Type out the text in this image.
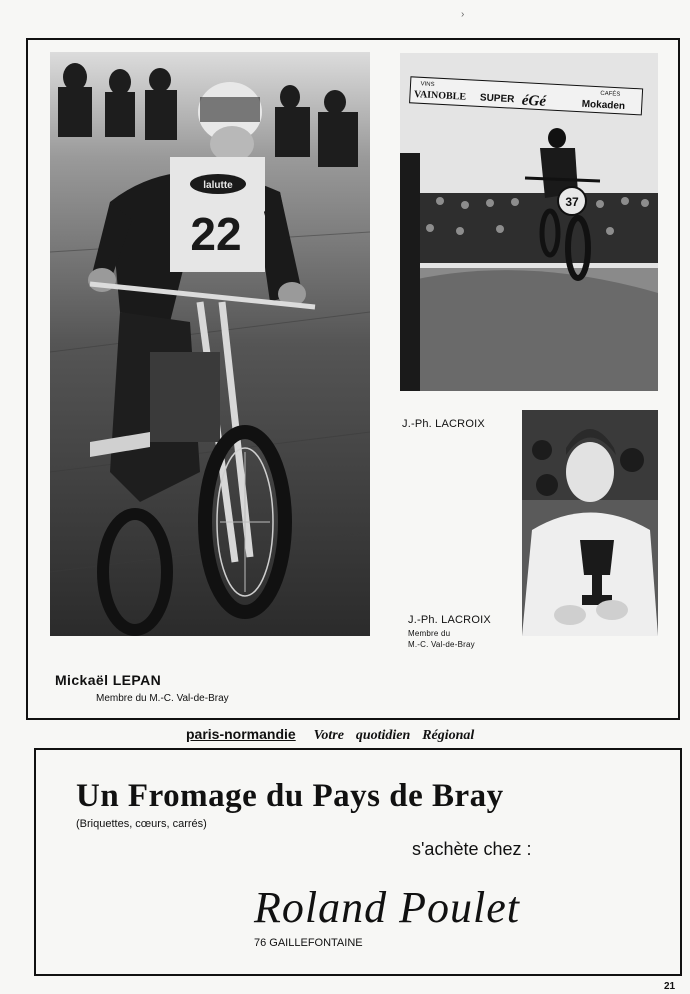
›
lalutte
22
VINS
VAINOBLE SUPER éGé	CAFÉS
Mokaden
37
J.-Ph. LACROIX
J.-Ph. LACROIX
Membre du
M.-C. Val-de-Bray
Mickaël LEPAN
Membre du M.-C. Val-de-Bray
paris-normandie Votre quotidien Régional
Un Fromage du Pays de Bray
(Briquettes, cœurs, carrés)
s'achète chez :
Roland Poulet
76 GAILLEFONTAINE
21
